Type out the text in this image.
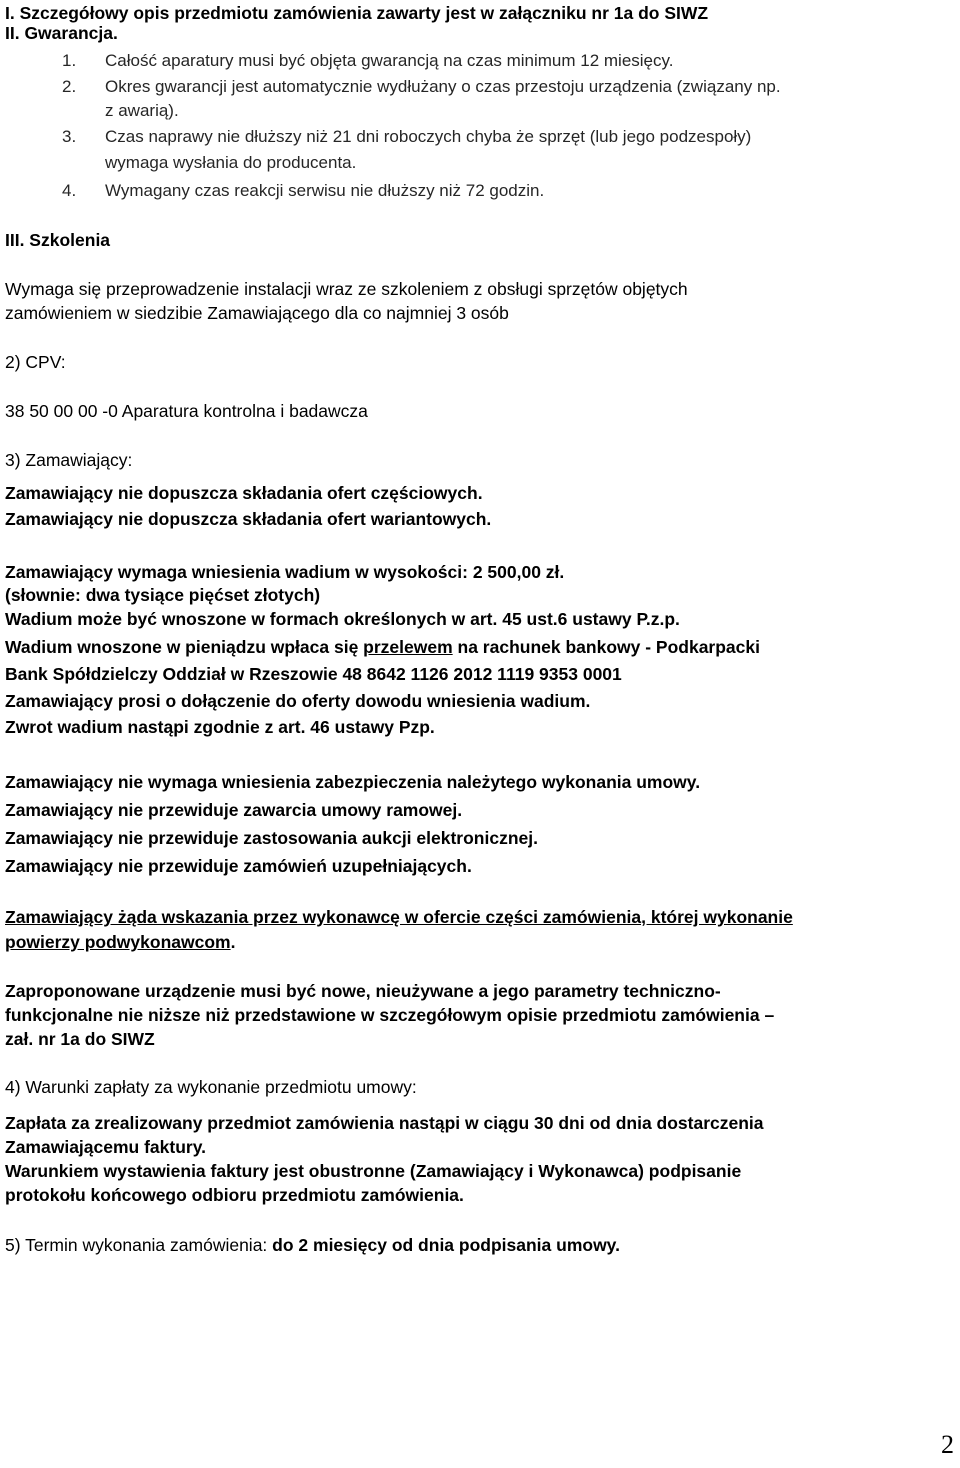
I. Szczegółowy opis przedmiotu zamówienia zawarty jest w załączniku nr 1a do SIWZ
II. Gwarancja.
1. Całość aparatury musi być objęta gwarancją na czas minimum 12 miesięcy.
2. Okres gwarancji jest automatycznie wydłużany o czas przestoju urządzenia (związany np.
z awarią).
3. Czas naprawy nie dłuższy niż 21 dni roboczych chyba że sprzęt (lub jego podzespoły)
wymaga wysłania do producenta.
4. Wymagany czas reakcji serwisu nie dłuższy niż 72 godzin.
III. Szkolenia
Wymaga się przeprowadzenie instalacji wraz ze szkoleniem z obsługi sprzętów objętych
zamówieniem w siedzibie Zamawiającego dla co najmniej 3 osób
2) CPV:
38 50 00 00 -0 Aparatura kontrolna i badawcza
3) Zamawiający:
Zamawiający nie dopuszcza składania ofert częściowych.
Zamawiający nie dopuszcza składania ofert wariantowych.
Zamawiający wymaga wniesienia wadium w wysokości: 2 500,00 zł.
(słownie: dwa tysiące pięćset złotych)
Wadium może być wnoszone w formach określonych w art. 45 ust.6 ustawy P.z.p.
Wadium wnoszone w pieniądzu wpłaca się przelewem na rachunek bankowy - Podkarpacki
Bank Spółdzielczy Oddział w Rzeszowie 48 8642 1126 2012 1119 9353 0001
Zamawiający prosi o dołączenie do oferty dowodu wniesienia wadium.
Zwrot wadium nastąpi zgodnie z art. 46 ustawy Pzp.
Zamawiający nie wymaga wniesienia zabezpieczenia należytego wykonania umowy.
Zamawiający nie przewiduje zawarcia umowy ramowej.
Zamawiający nie przewiduje zastosowania aukcji elektronicznej.
Zamawiający nie przewiduje zamówień uzupełniających.
Zamawiający żąda wskazania przez wykonawcę w ofercie części zamówienia, której wykonanie
powierzy podwykonawcom.
Zaproponowane urządzenie musi być nowe, nieużywane a jego parametry techniczno-
funkcjonalne nie niższe niż przedstawione w szczegółowym opisie przedmiotu zamówienia –
zał. nr 1a do SIWZ
4) Warunki zapłaty za wykonanie przedmiotu umowy:
Zapłata za zrealizowany przedmiot zamówienia nastąpi w ciągu 30 dni od dnia dostarczenia
Zamawiającemu faktury.
Warunkiem wystawienia faktury jest obustronne (Zamawiający i Wykonawca) podpisanie
protokołu końcowego odbioru przedmiotu zamówienia.
5) Termin wykonania zamówienia: do 2 miesięcy od dnia podpisania umowy.
2
